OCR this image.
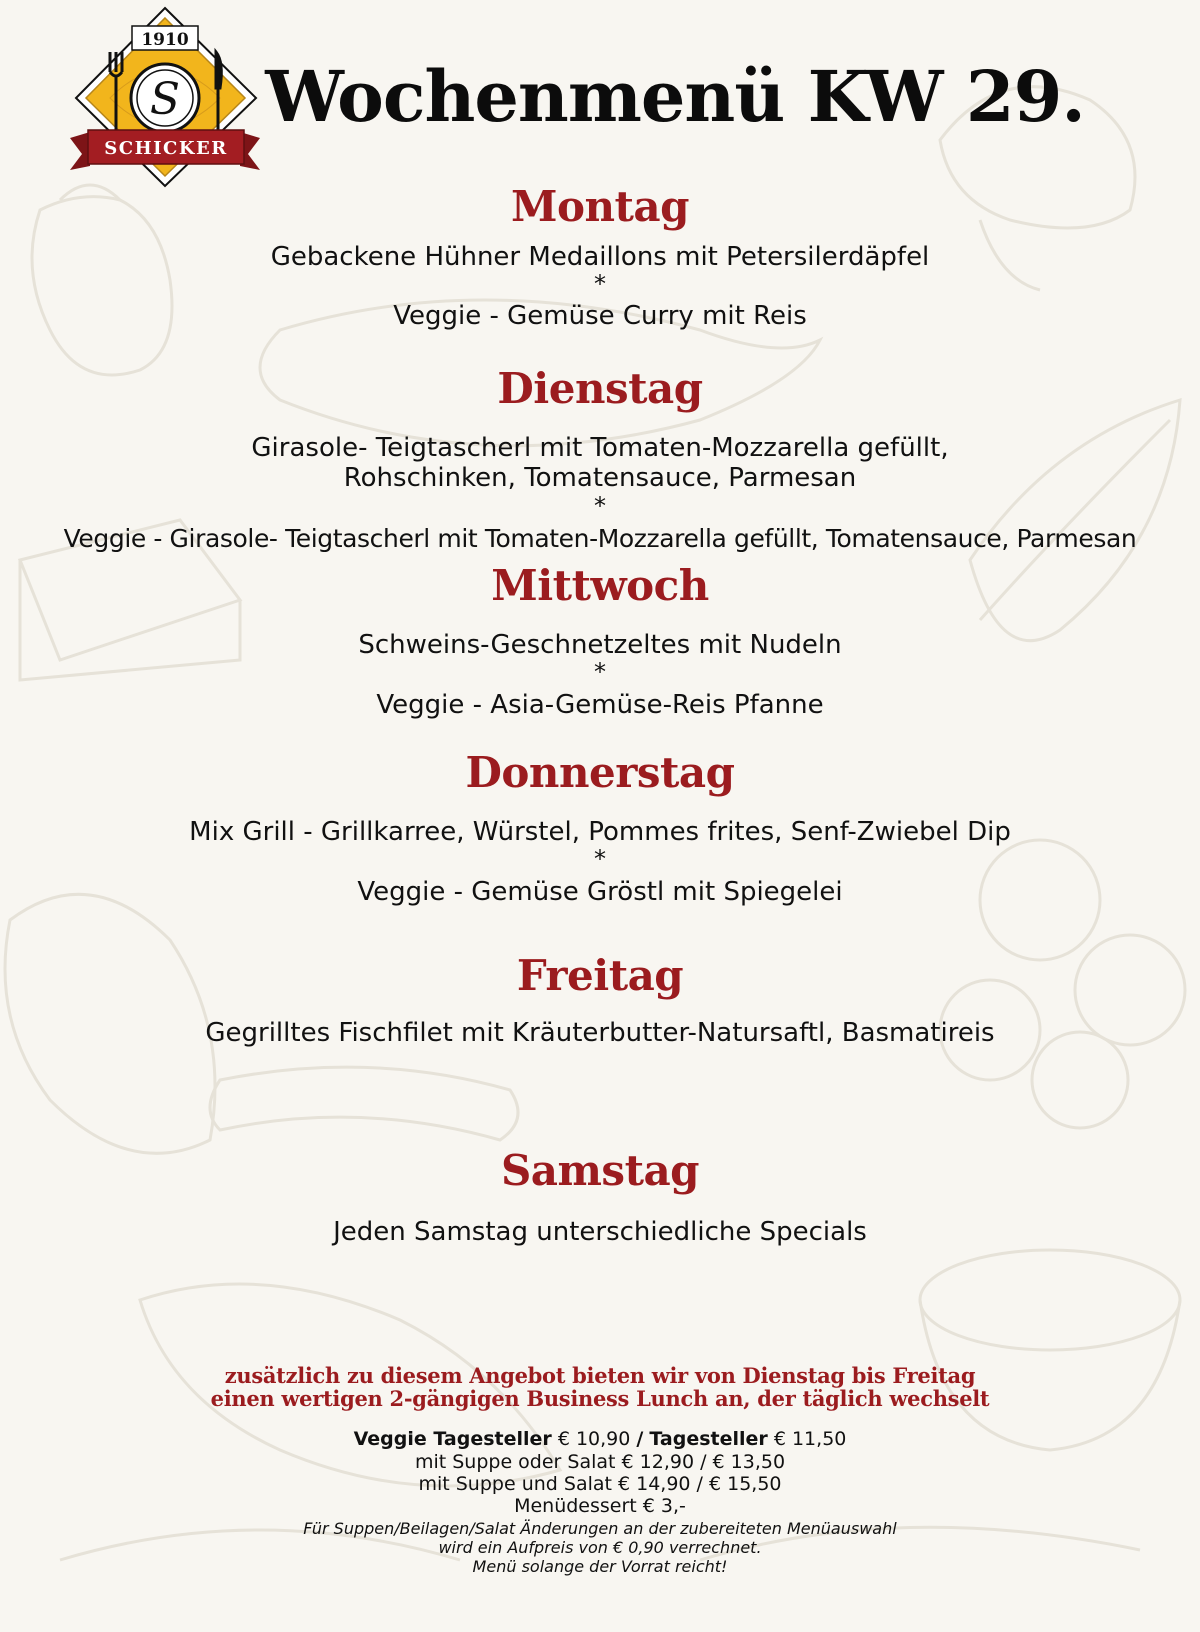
1910
S
SCHICKER
Wochenmenü KW 29.
Montag
Gebackene Hühner Medaillons mit Petersilerdäpfel
*
Veggie - Gemüse Curry mit Reis
Dienstag
Girasole- Teigtascherl mit Tomaten-Mozzarella gefüllt,
Rohschinken, Tomatensauce, Parmesan
*
Veggie - Girasole- Teigtascherl mit Tomaten-Mozzarella gefüllt, Tomatensauce, Parmesan
Mittwoch
Schweins-Geschnetzeltes mit Nudeln
*
Veggie - Asia-Gemüse-Reis Pfanne
Donnerstag
Mix Grill - Grillkarree, Würstel, Pommes frites, Senf-Zwiebel Dip
*
Veggie - Gemüse Gröstl mit Spiegelei
Freitag
Gegrilltes Fischfilet mit Kräuterbutter-Natursaftl, Basmatireis
Samstag
Jeden Samstag unterschiedliche Specials
zusätzlich zu diesem Angebot bieten wir von Dienstag bis Freitag
einen wertigen 2-gängigen Business Lunch an, der täglich wechselt
Veggie Tagesteller € 10,90 / Tagesteller € 11,50
mit Suppe oder Salat € 12,90 / € 13,50
mit Suppe und Salat € 14,90 / € 15,50
Menüdessert € 3,-
Für Suppen/Beilagen/Salat Änderungen an der zubereiteten Menüauswahl
wird ein Aufpreis von € 0,90 verrechnet.
Menü solange der Vorrat reicht!
